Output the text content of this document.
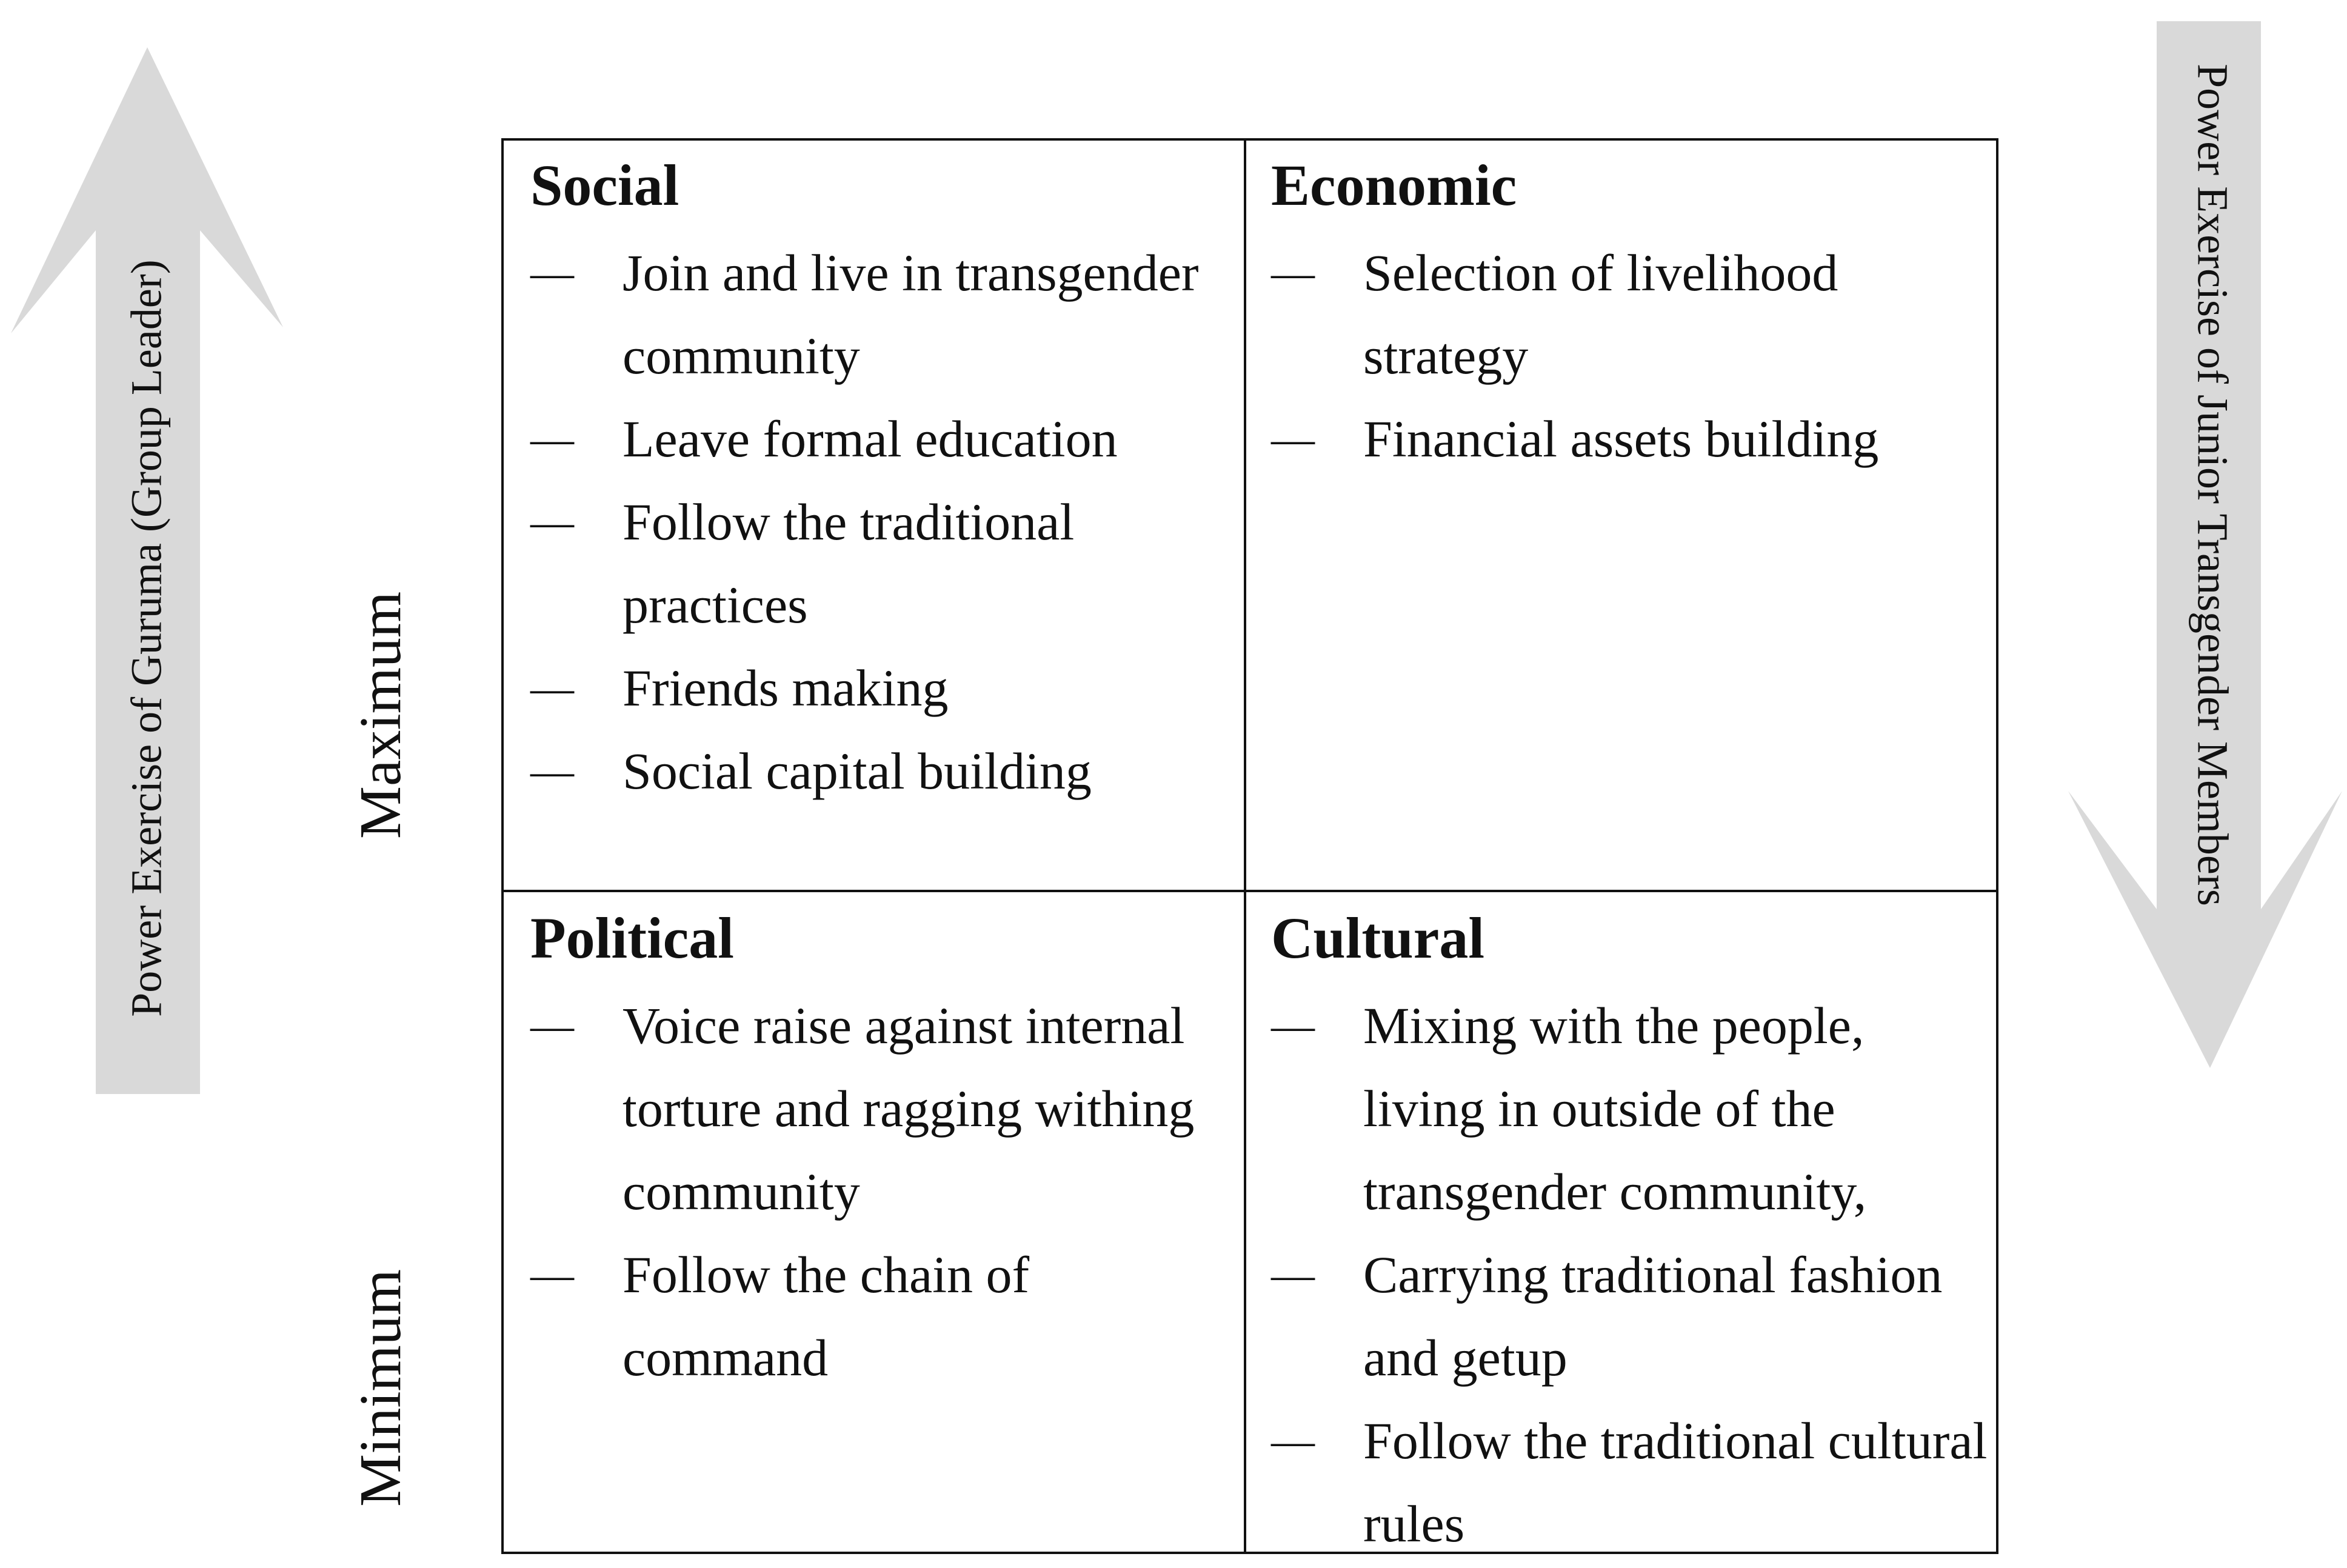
Power Exercise of Guruma (Group Leader)	Power Exercise of Junior Transgender Members
Maximum
Minimum
Social
— Join and live in transgender community
— Leave formal education
— Follow the traditional practices
— Friends making
— Social capital building
Economic
— Selection of livelihood strategy
— Financial assets building
Political
— Voice raise against internal torture and ragging withing community
— Follow the chain of command
Cultural
— Mixing with the people, living in outside of the transgender community,
— Carrying traditional fashion and getup
— Follow the traditional cultural rules
